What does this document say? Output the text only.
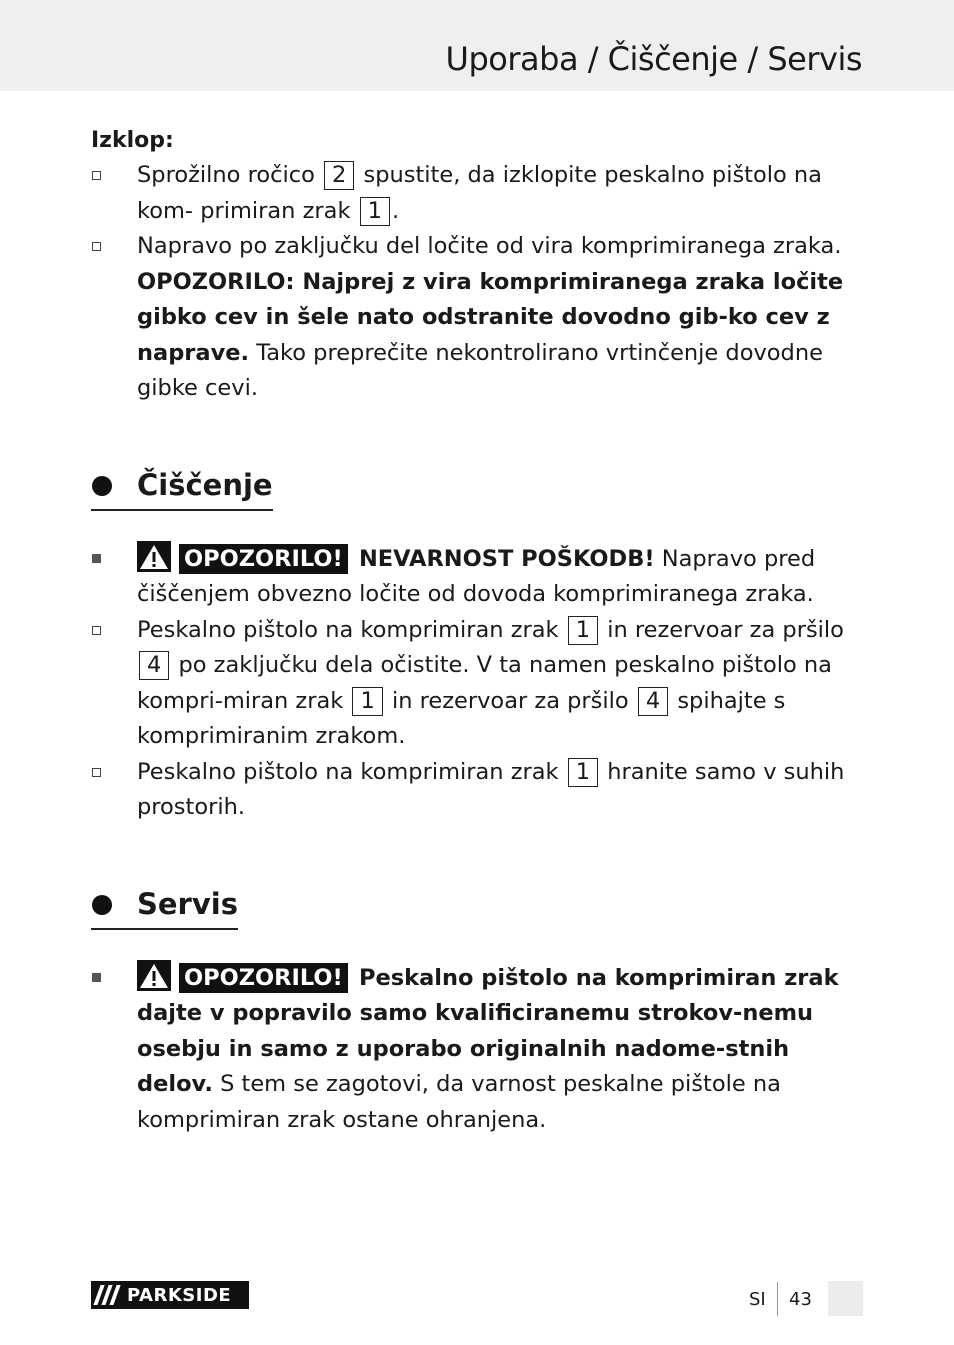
Uporaba / Čiščenje / Servis

Izklop:

Sprožilno ročico 2 spustite, da izklopite peskalno pištolo na kom- primiran zrak 1 .
Napravo po zaključku del ločite od vira komprimiranega zraka. OPOZORILO: Najprej z vira komprimiranega zraka ločite gibko cev in šele nato odstranite dovodno gib-ko cev z naprave. Tako preprečite nekontrolirano vrtinčenje dovodne gibke cevi.
Čiščenje
OPOZORILO! NEVARNOST POŠKODB! Napravo pred čiščenjem obvezno ločite od dovoda komprimiranega zraka.
Peskalno pištolo na komprimiran zrak 1 in rezervoar za pršilo 4 po zaključku dela očistite. V ta namen peskalno pištolo na kompri-miran zrak 1 in rezervoar za pršilo 4 spihajte s komprimiranim zrakom.
Peskalno pištolo na komprimiran zrak 1 hranite samo v suhih prostorih.
Servis
OPOZORILO! Peskalno pištolo na komprimiran zrak dajte v popravilo samo kvalificiranemu strokov-nemu osebju in samo z uporabo originalnih nadome-stnih delov. S tem se zagotovi, da varnost peskalne pištole na komprimiran zrak ostane ohranjena.
PARKSIDE	SI 43
